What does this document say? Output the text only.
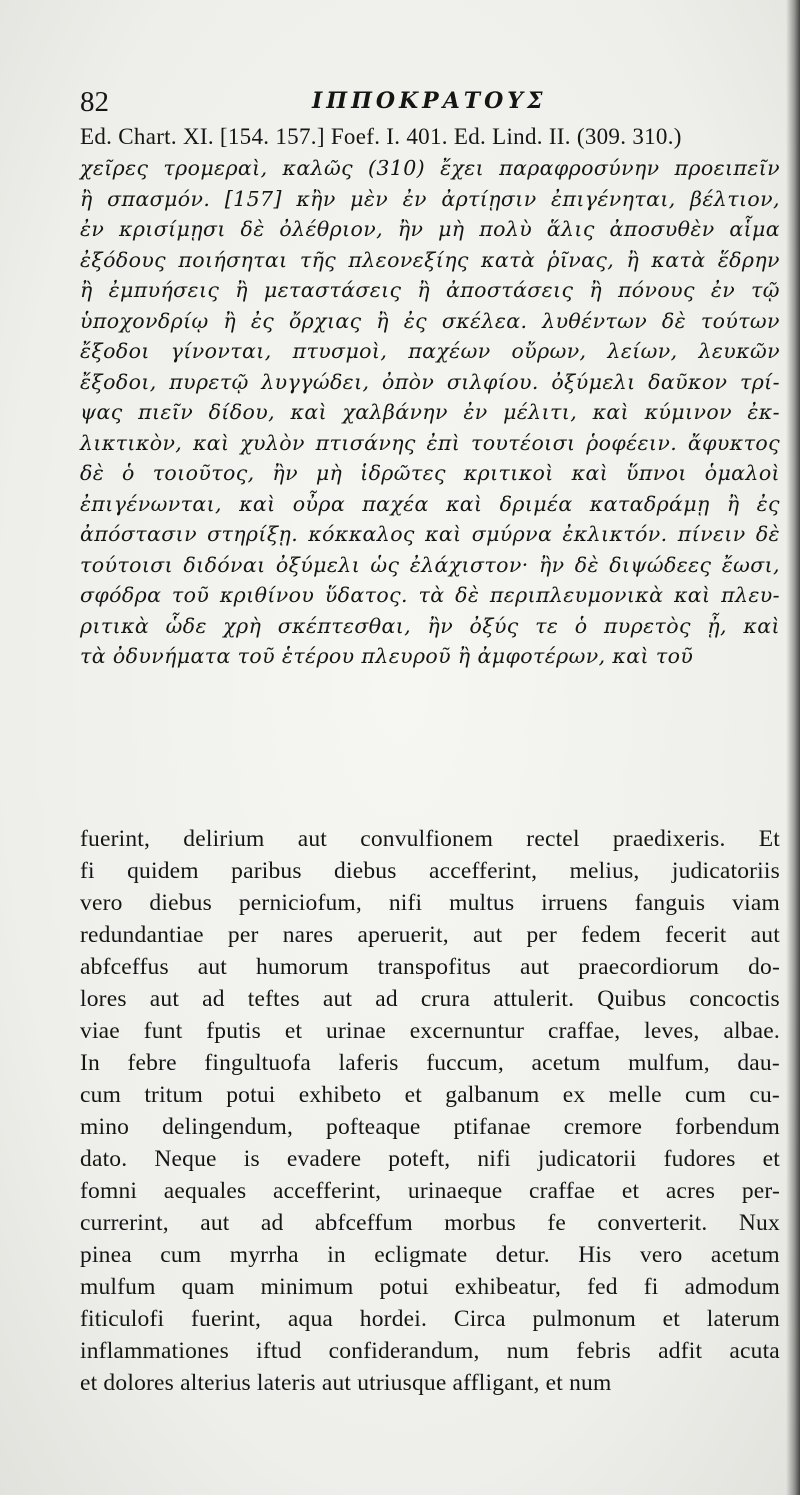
82	ΙΠΠΟΚΡΑΤΟΥΣ
Ed. Chart. XI. [154. 157.] Foef. I. 401. Ed. Lind. II. (309. 310.)
χεῖρες τρομεραὶ, καλῶς (310) ἔχει παραφροσύνην προειπεῖν
ἢ σπασμόν. [157] κἢν μὲν ἐν ἀρτίῃσιν ἐπιγένηται, βέλτιον,
ἐν κρισίμῃσι δὲ ὀλέθριον, ἢν μὴ πολὺ ἅλις ἀποσυθὲν αἷμα
ἐξόδους ποιήσηται τῆς πλεονεξίης κατὰ ῥῖνας, ἢ κατὰ ἕδρην
ἢ ἐμπυήσεις ἢ μεταστάσεις ἢ ἀποστάσεις ἢ πόνους ἐν τῷ
ὑποχονδρίῳ ἢ ἐς ὄρχιας ἢ ἐς σκέλεα. λυθέντων δὲ τούτων
ἔξοδοι γίνονται, πτυσμοὶ, παχέων οὔρων, λείων, λευκῶν
ἔξοδοι, πυρετῷ λυγγώδει, ὀπὸν σιλφίου. ὀξύμελι δαῦκον τρί-
ψας πιεῖν δίδου, καὶ χαλβάνην ἐν μέλιτι, καὶ κύμινον ἐκ-
λικτικὸν, καὶ χυλὸν πτισάνης ἐπὶ τουτέοισι ῥοφέειν. ἄφυκτος
δὲ ὁ τοιοῦτος, ἢν μὴ ἱδρῶτες κριτικοὶ καὶ ὕπνοι ὁμαλοὶ
ἐπιγένωνται, καὶ οὖρα παχέα καὶ δριμέα καταδράμῃ ἢ ἐς
ἀπόστασιν στηρίξῃ. κόκκαλος καὶ σμύρνα ἐκλικτόν. πίνειν δὲ
τούτοισι διδόναι ὀξύμελι ὡς ἐλάχιστον· ἢν δὲ διψώδεες ἔωσι,
σφόδρα τοῦ κριθίνου ὕδατος. τὰ δὲ περιπλευμονικὰ καὶ πλευ-
ριτικὰ ὧδε χρὴ σκέπτεσθαι, ἢν ὀξύς τε ὁ πυρετὸς ᾖ, καὶ
τὰ ὀδυνήματα τοῦ ἑτέρου πλευροῦ ἢ ἀμφοτέρων, καὶ τοῦ
fuerint, delirium aut convulfionem rectel praedixeris. Et
fi quidem paribus diebus accefferint, melius, judicatoriis
vero diebus perniciofum, nifi multus irruens fanguis viam
redundantiae per nares aperuerit, aut per fedem fecerit aut
abfceffus aut humorum transpofitus aut praecordiorum do-
lores aut ad teftes aut ad crura attulerit. Quibus concoctis
viae funt fputis et urinae excernuntur craffae, leves, albae.
In febre fingultuofa laferis fuccum, acetum mulfum, dau-
cum tritum potui exhibeto et galbanum ex melle cum cu-
mino delingendum, pofteaque ptifanae cremore forbendum
dato. Neque is evadere poteft, nifi judicatorii fudores et
fomni aequales accefferint, urinaeque craffae et acres per-
currerint, aut ad abfceffum morbus fe converterit. Nux
pinea cum myrrha in ecligmate detur. His vero acetum
mulfum quam minimum potui exhibeatur, fed fi admodum
fiticulofi fuerint, aqua hordei. Circa pulmonum et laterum
inflammationes iftud confiderandum, num febris adfit acuta
et dolores alterius lateris aut utriusque affligant, et num
